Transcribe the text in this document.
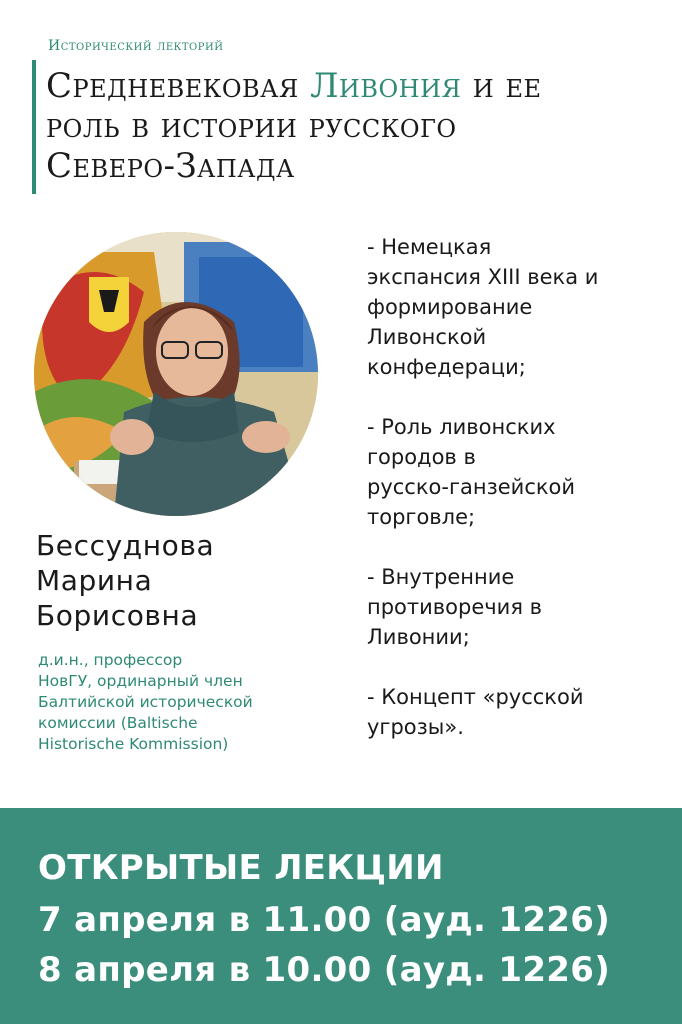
Исторический лекторий
Средневековая Ливония и ее
роль в истории русского
Северо-Запада
Бессуднова
Марина
Борисовна
д.и.н., профессор
НовГУ, ординарный член
Балтийской исторической
комиссии (Baltische
Historische Kommission)
- Немецкая
экспансия XIII века и
формирование
Ливонской
конфедераци;
- Роль ливонских
городов в
русско-ганзейской
торговле;
- Внутренние
противоречия в
Ливонии;
- Концепт «русской
угрозы».
ОТКРЫТЫЕ ЛЕКЦИИ
7 апреля в 11.00 (ауд. 1226)
8 апреля в 10.00 (ауд. 1226)
